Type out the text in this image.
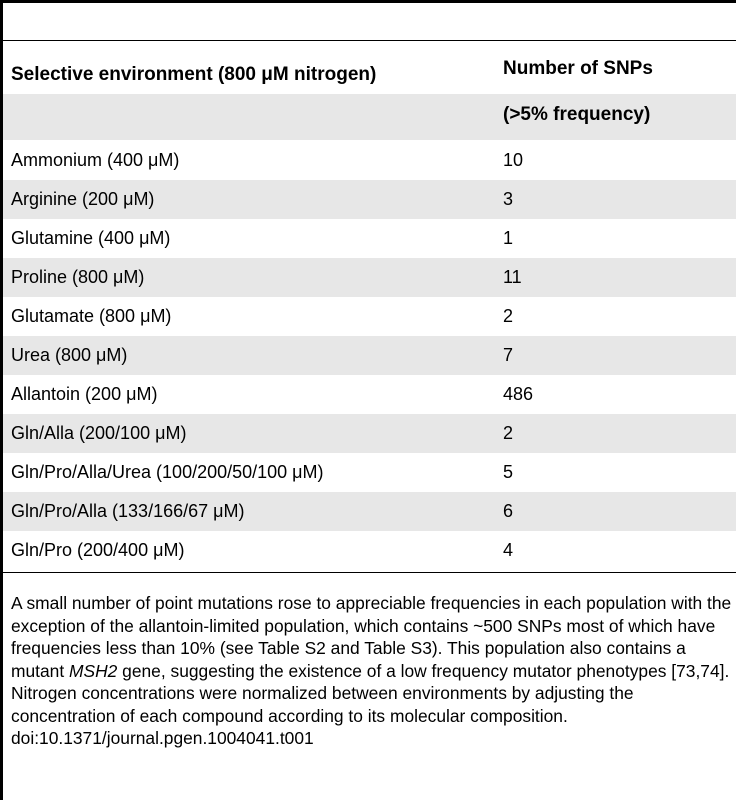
Selective environment (800 μM nitrogen)	Number of SNPs
(>5% frequency)
Ammonium (400 μM)	10
Arginine (200 μM)	3
Glutamine (400 μM)	1
Proline (800 μM)	11
Glutamate (800 μM)	2
Urea (800 μM)	7
Allantoin (200 μM)	486
Gln/Alla (200/100 μM)	2
Gln/Pro/Alla/Urea (100/200/50/100 μM)	5
Gln/Pro/Alla (133/166/67 μM)	6
Gln/Pro (200/400 μM)	4

A small number of point mutations rose to appreciable frequencies in each population with the exception of the allantoin-limited population, which contains ~500 SNPs most of which have frequencies less than 10% (see Table S2 and Table S3). This population also contains a mutant MSH2 gene, suggesting the existence of a low frequency mutator phenotypes [73,74]. Nitrogen concentrations were normalized between environments by adjusting the concentration of each compound according to its molecular composition.

doi:10.1371/journal.pgen.1004041.t001
